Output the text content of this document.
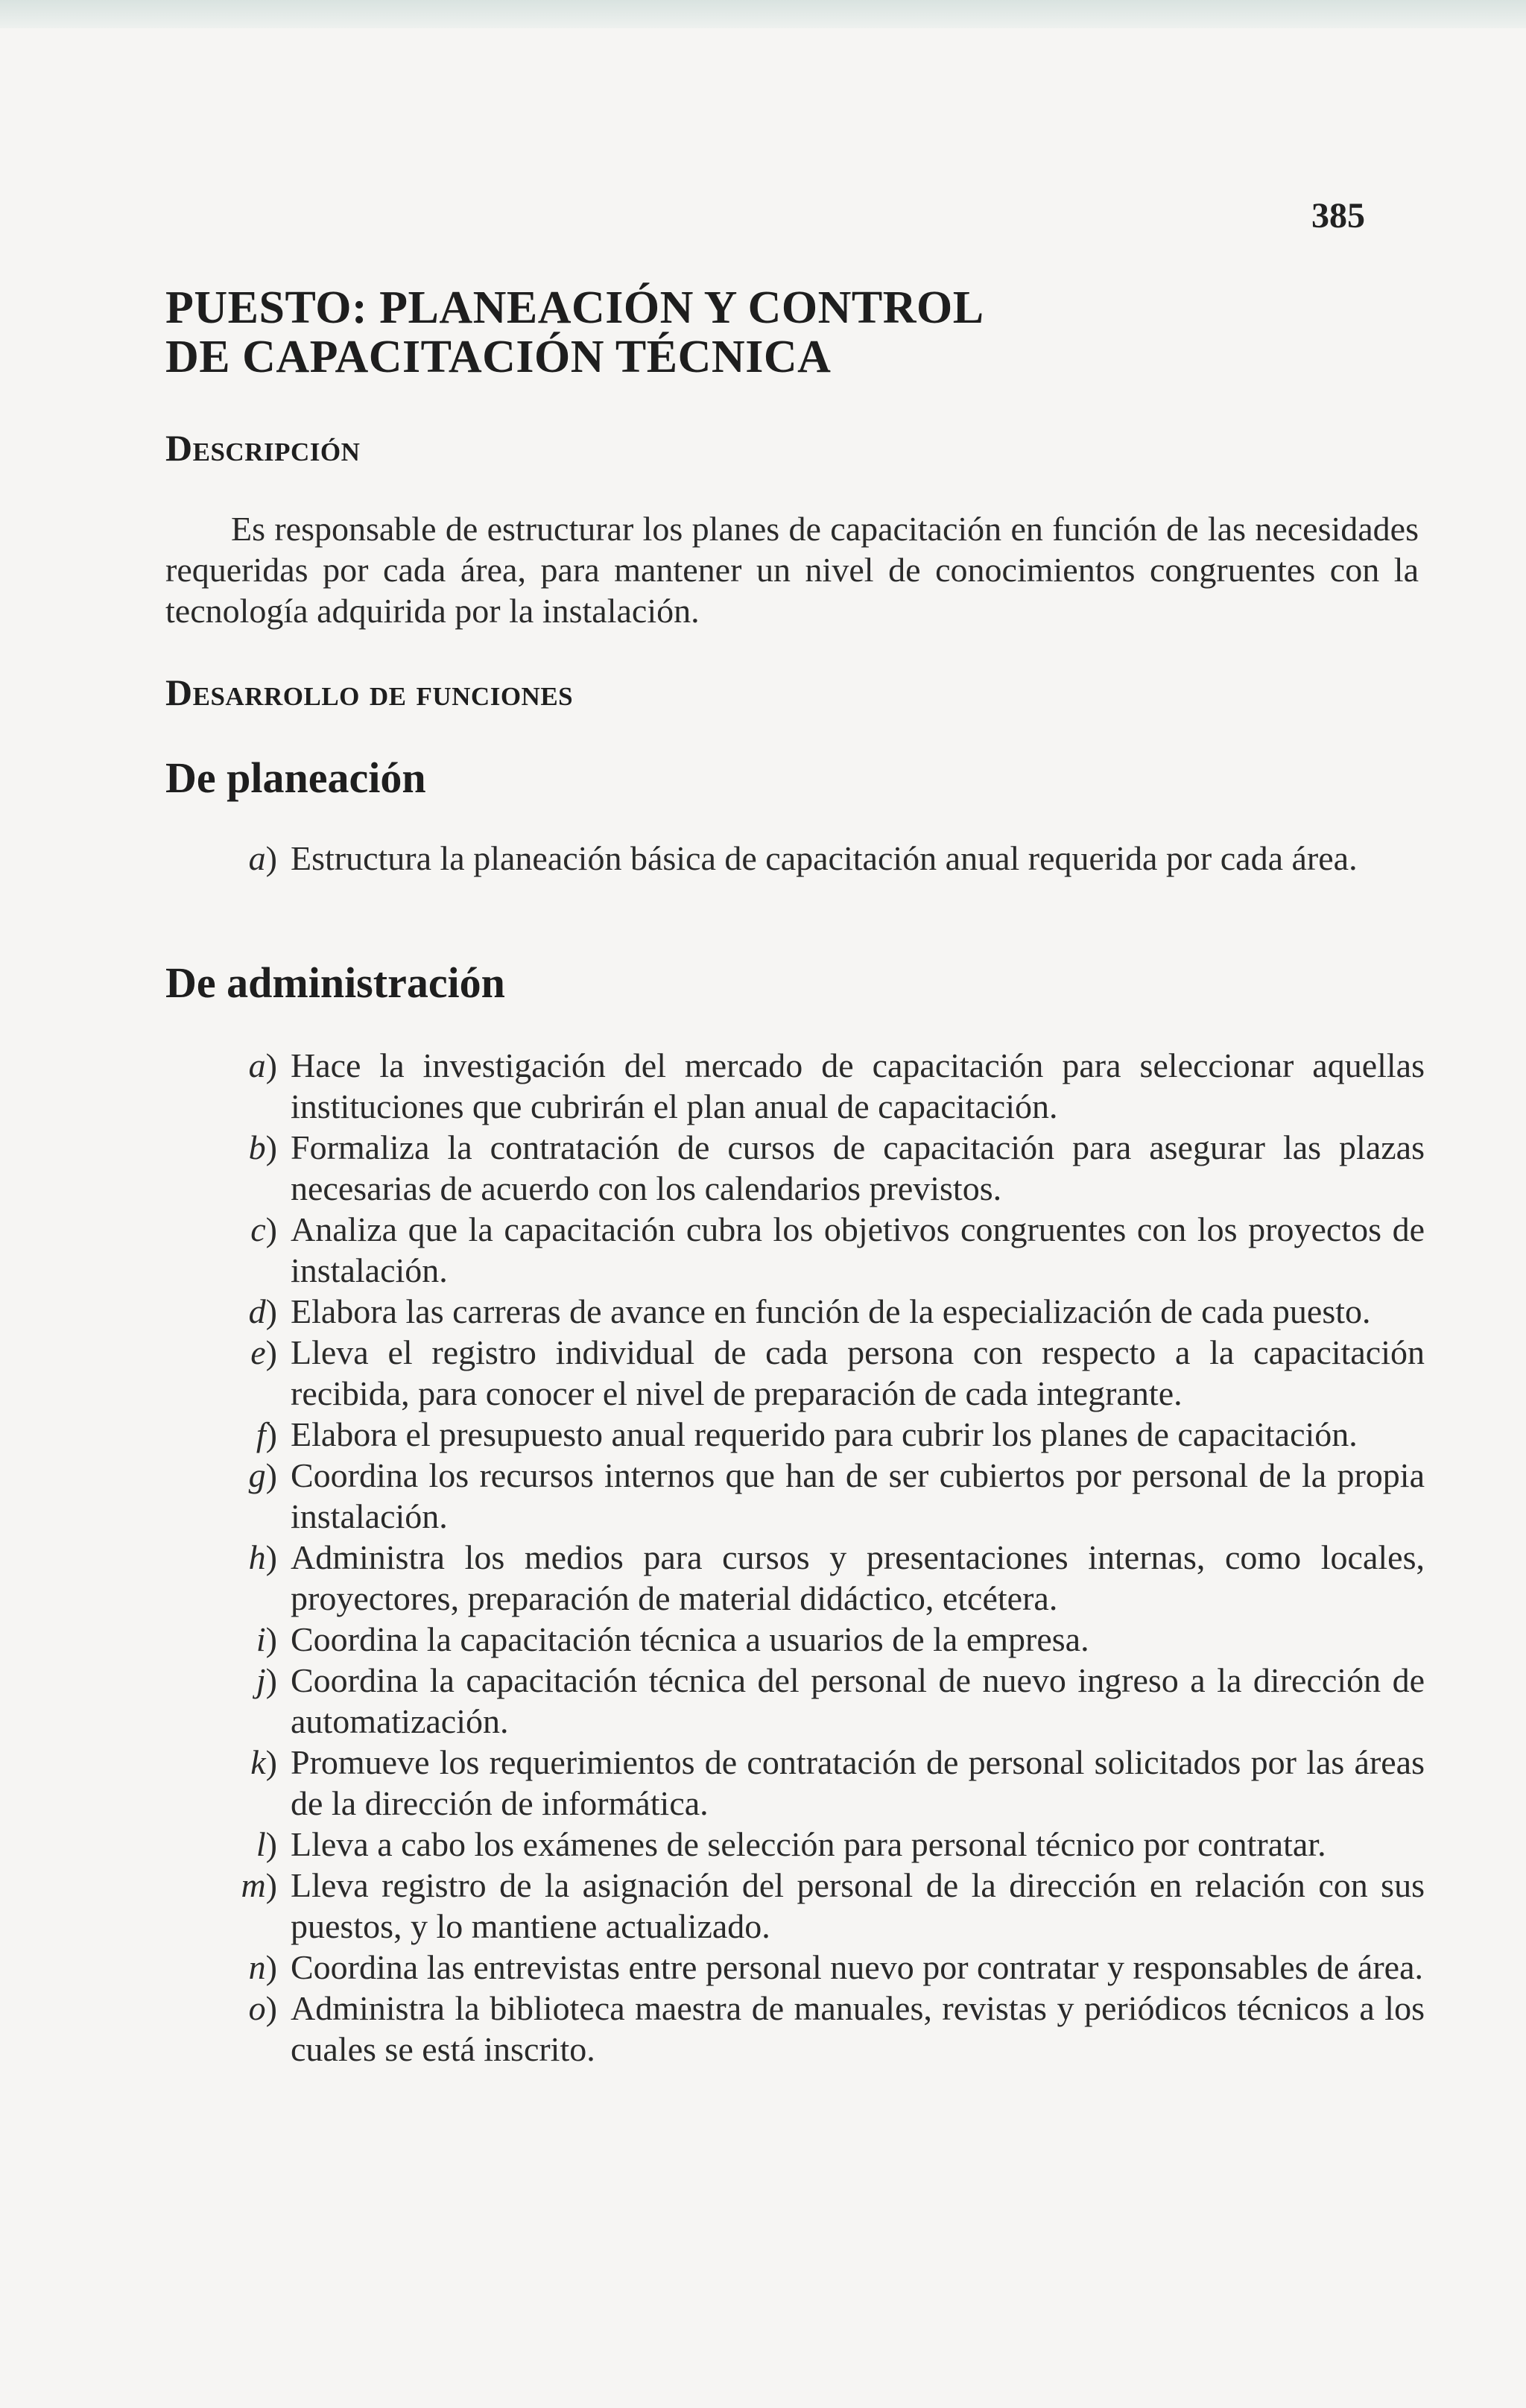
385
PUESTO: PLANEACIÓN Y CONTROL
DE CAPACITACIÓN TÉCNICA
Descripción

Es responsable de estructurar los planes de capacitación en función de las necesidades requeridas por cada área, para mantener un nivel de conocimientos congruentes con la tecnología adquirida por la instalación.

Desarrollo de funciones
De planeación
a) Estructura la planeación básica de capacitación anual requerida por cada área.
De administración
a) Hace la investigación del mercado de capacitación para seleccionar aquellas instituciones que cubrirán el plan anual de capacitación.
b) Formaliza la contratación de cursos de capacitación para asegurar las plazas necesarias de acuerdo con los calendarios previstos.
c) Analiza que la capacitación cubra los objetivos congruentes con los proyectos de instalación.
d) Elabora las carreras de avance en función de la especialización de cada puesto.
e) Lleva el registro individual de cada persona con respecto a la capacitación recibida, para conocer el nivel de preparación de cada integrante.
f) Elabora el presupuesto anual requerido para cubrir los planes de capacitación.
g) Coordina los recursos internos que han de ser cubiertos por personal de la propia instalación.
h) Administra los medios para cursos y presentaciones internas, como locales, proyectores, preparación de material didáctico, etcétera.
i) Coordina la capacitación técnica a usuarios de la empresa.
j) Coordina la capacitación técnica del personal de nuevo ingreso a la dirección de automatización.
k) Promueve los requerimientos de contratación de personal solicitados por las áreas de la dirección de informática.
l) Lleva a cabo los exámenes de selección para personal técnico por contratar.
m) Lleva registro de la asignación del personal de la dirección en relación con sus puestos, y lo mantiene actualizado.
n) Coordina las entrevistas entre personal nuevo por contratar y responsables de área.
o) Administra la biblioteca maestra de manuales, revistas y periódicos técnicos a los cuales se está inscrito.
